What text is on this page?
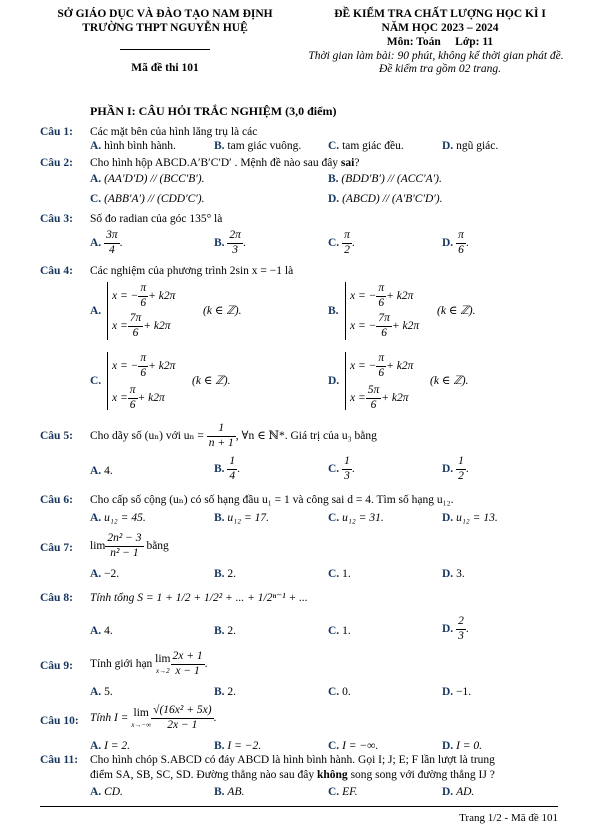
SỞ GIÁO DỤC VÀ ĐÀO TẠO NAM ĐỊNH
TRƯỜNG THPT NGUYỄN HUỆ
Mã đề thi 101
ĐỀ KIỂM TRA CHẤT LƯỢNG HỌC KÌ I
NĂM HỌC 2023 – 2024
Môn: Toán     Lớp: 11
Thời gian làm bài: 90 phút, không kể thời gian phát đề.
Đề kiểm tra gồm 02 trang.
PHẦN I: CÂU HỎI TRẮC NGHIỆM (3,0 điểm)
Câu 1: Các mặt bên của hình lăng trụ là các
A. hình bình hành.	B. tam giác vuông. C. tam giác đều.	D. ngũ giác.
Câu 2: Cho hình hộp ABCD.A′B′C′D′ . Mệnh đề nào sau đây sai?
A. (AA′D′D) // (BCC′B′).	B. (BDD′B′) // (ACC′A′).
C. (ABB′A′) // (CDD′C′).	D. (ABCD) // (A′B′C′D′).
Câu 3: Số đo radian của góc 135° là
A. $\frac{3\pi}{4}$ .	B. $\frac{2\pi}{3}$ .	C. $\frac{\pi}{2}$ .	D. $\frac{\pi}{6}$ .
Câu 4: Các nghiệm của phương trình 2sin x = −1 là
A.
x = − $\frac{\pi}{6} + k2\pi$
$x = \frac{7\pi}{6} + k2\pi$
(k ∈ ℤ).	B.
x = − $\frac{\pi}{6} + k2\pi$
x = − $\frac{7\pi}{6} + k2\pi$
(k ∈ ℤ).
C.
x = − $\frac{\pi}{6} + k2\pi$
$x = \frac{\pi}{6} + k2\pi$
(k ∈ ℤ).	D.
x = − $\frac{\pi}{6} + k2\pi$
$x = \frac{5\pi}{6} + k2\pi$
(k ∈ ℤ).
Câu 5: Cho dãy số (uₙ) với $u_n = \frac{1}{n + 1}$ , ∀n ∈ ℕ*. Giá trị của u₃ bằng
A. 4.	B. $\frac{1}{4}$ .	C. $\frac{1}{3}$ .	D. $\frac{1}{2}$ .
Câu 6: Cho cấp số cộng (uₙ) có số hạng đầu u₁ = 1 và công sai d = 4. Tìm số hạng u₁₂.
A. u₁₂ = 45.	B. u₁₂ = 17.	C. u₁₂ = 31.	D. u₁₂ = 13.
Câu 7: $\lim \frac{\text{2n² − 3}}{\text{n² − 1}}$ bằng
A. −2.	B. 2.	C. 1.	D. 3.
Câu 8: Tính tổng S = 1 + 1/2 + 1/2² + ... + 1/2ⁿ⁻¹ + ...
A. 4.	B. 2.	C. 1.	D. $\frac{2}{3}$ .
Câu 9: Tính giới hạn lim
$x\to 2 \frac{2x + 1}{x - 1}$ .
A. 5.	B. 2.	C. 0.	D. −1.
Câu 10: Tính I = lim
$x\to-\infty \frac{\text{√(16x² + 5x)}}{2x - 1}$ .
A. I = 2.	B. I = −2.	C. I = −∞.	D. I = 0.
Câu 11: Cho hình chóp S.ABCD có đáy ABCD là hình bình hành. Gọi I; J; E; F lần lượt là trung
điểm SA, SB, SC, SD. Đường thẳng nào sau đây không song song với đường thẳng IJ ?
A. CD.	B. AB.	C. EF.	D. AD.
Trang 1/2 - Mã đề 101
